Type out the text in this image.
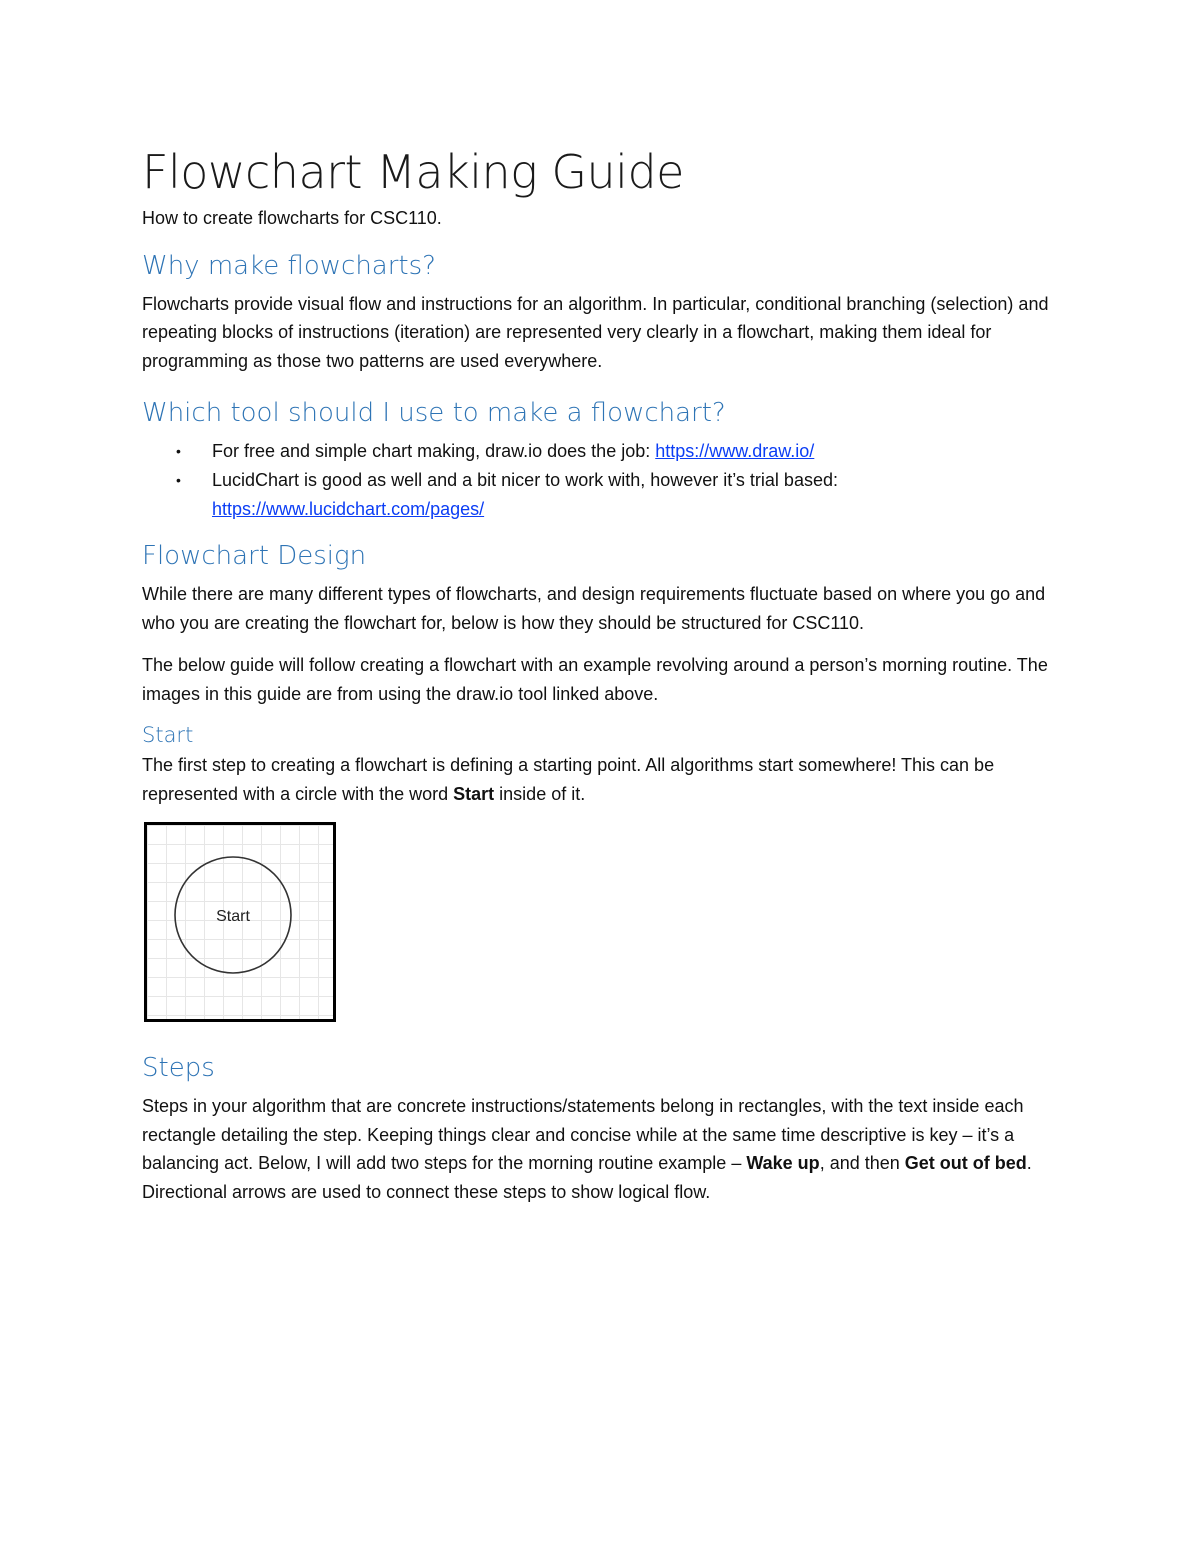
Flowchart Making Guide
How to create flowcharts for CSC110.
Why make flowcharts?

Flowcharts provide visual flow and instructions for an algorithm. In particular, conditional branching (selection) and repeating blocks of instructions (iteration) are represented very clearly in a flowchart, making them ideal for programming as those two patterns are used everywhere.

Which tool should I use to make a flowchart?
• For free and simple chart making, draw.io does the job: https://www.draw.io/
• LucidChart is good as well and a bit nicer to work with, however it’s trial based: https://www.lucidchart.com/pages/
Flowchart Design

While there are many different types of flowcharts, and design requirements fluctuate based on where you go and who you are creating the flowchart for, below is how they should be structured for CSC110.

The below guide will follow creating a flowchart with an example revolving around a person’s morning routine. The images in this guide are from using the draw.io tool linked above.

Start

The first step to creating a flowchart is defining a starting point. All algorithms start somewhere! This can be represented with a circle with the word Start inside of it.

Start
Steps

Steps in your algorithm that are concrete instructions/statements belong in rectangles, with the text inside each rectangle detailing the step. Keeping things clear and concise while at the same time descriptive is key – it’s a balancing act. Below, I will add two steps for the morning routine example – Wake up, and then Get out of bed. Directional arrows are used to connect these steps to show logical flow.
